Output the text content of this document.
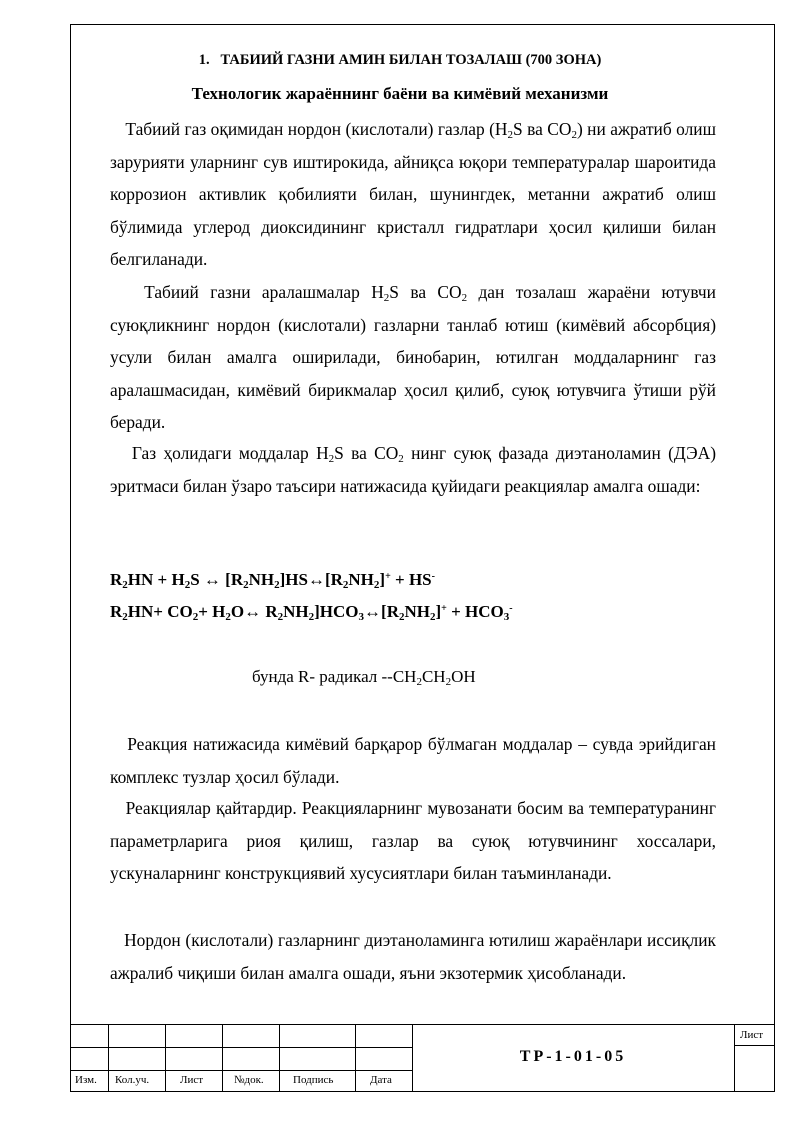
1. ТАБИИЙ ГАЗНИ АМИН БИЛАН ТОЗАЛАШ (700 ЗОНА)
Технологик жараённинг баёни ва кимёвий механизми

Табиий газ оқимидан нордон (кислотали) газлар ($H_2S$ ва $CO_2$) ни ажратиб олиш зарурияти уларнинг сув иштирокида, айниқса юқори температуралар шароитида коррозион активлик қобилияти билан, шунингдек, метанни ажратиб олиш бўлимида углерод диоксидининг кристалл гидратлари ҳосил қилиши билан белгиланади.

Табиий газни аралашмалар $H_2S$ ва $CO_2$ дан тозалаш жараёни ютувчи суюқликнинг нордон (кислотали) газларни танлаб ютиш (кимёвий абсорбция) усули билан амалга оширилади, бинобарин, ютилган моддаларнинг газ аралашмасидан, кимёвий бирикмалар ҳосил қилиб, суюқ ютувчига ўтиши рўй беради.

Газ ҳолидаги моддалар $H_2S$ ва $CO_2$ нинг суюқ фазада диэтаноламин (ДЭА) эритмаси билан ўзаро таъсири натижасида қуйидаги реакциялар амалга ошади:

$R_2HN + H_2S$ ↔ $[R_2NH_2]HS\leftrightarrow[R_2NH_2]^+ + HS^-$
$R_2HN+ CO_2+$ $H_2O\leftrightarrow$ $R_2NH_2]HCO_3\leftrightarrow[R_2NH_2]^+ + HCO_3^-$
бунда R- радикал $--CH_2CH_2OH$

Реакция натижасида кимёвий барқарор бўлмаган моддалар – сувда эрийдиган комплекс тузлар ҳосил бўлади.

Реакциялар қайтардир. Реакцияларнинг мувозанати босим ва температуранинг параметрларига риоя қилиш, газлар ва суюқ ютувчининг хоссалари, ускуналарнинг конструкциявий хусусиятлари билан таъминланади.

Нордон (кислотали) газларнинг диэтаноламинга ютилиш жараёнлари иссиқлик ажралиб чиқиши билан амалга ошади, яъни экзотермик ҳисобланади.

Изм. Кол.уч.	Лист	№док.	Подпись	Дата
ТР-1-01-05
Лист
